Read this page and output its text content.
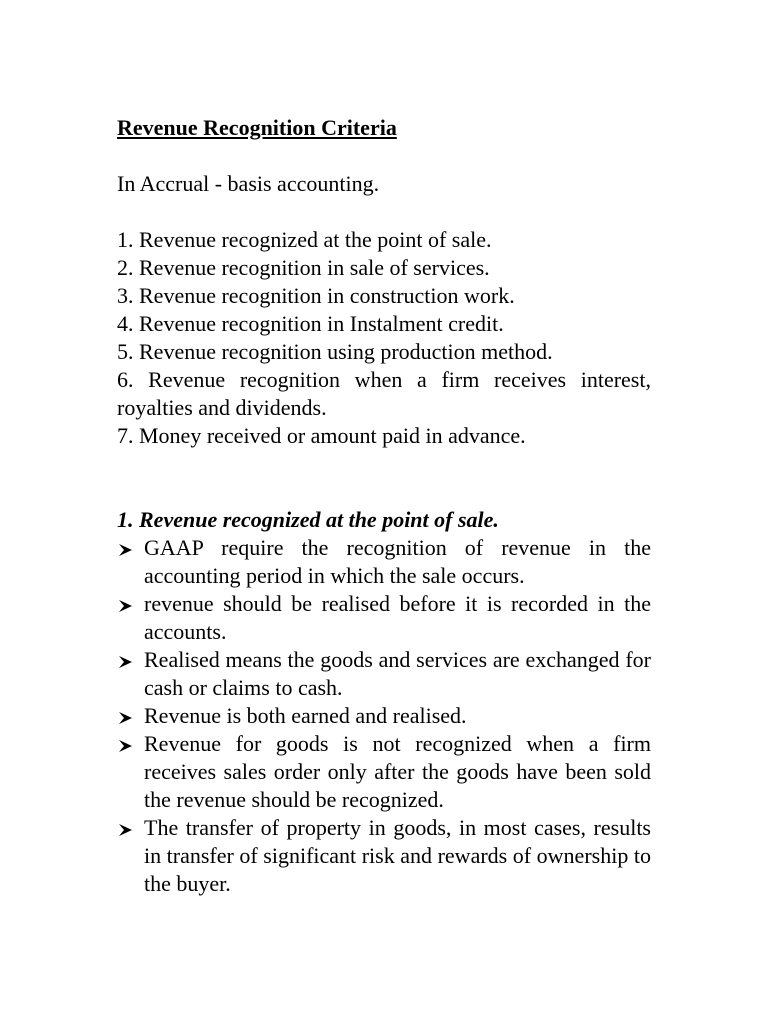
Revenue Recognition Criteria

In Accrual - basis accounting.

1. Revenue recognized at the point of sale.

2. Revenue recognition in sale of services.

3. Revenue recognition in construction work.

4. Revenue recognition in Instalment credit.

5. Revenue recognition using production method.

6. Revenue recognition when a firm receives interest, royalties and dividends.

7. Money received or amount paid in advance.

1. Revenue recognized at the point of sale.

GAAP require the recognition of revenue in the accounting period in which the sale occurs.
revenue should be realised before it is recorded in the accounts.
Realised means the goods and services are exchanged for cash or claims to cash.
Revenue is both earned and realised.
Revenue for goods is not recognized when a firm receives sales order only after the goods have been sold the revenue should be recognized.
The transfer of property in goods, in most cases, results in transfer of significant risk and rewards of ownership to the buyer.
